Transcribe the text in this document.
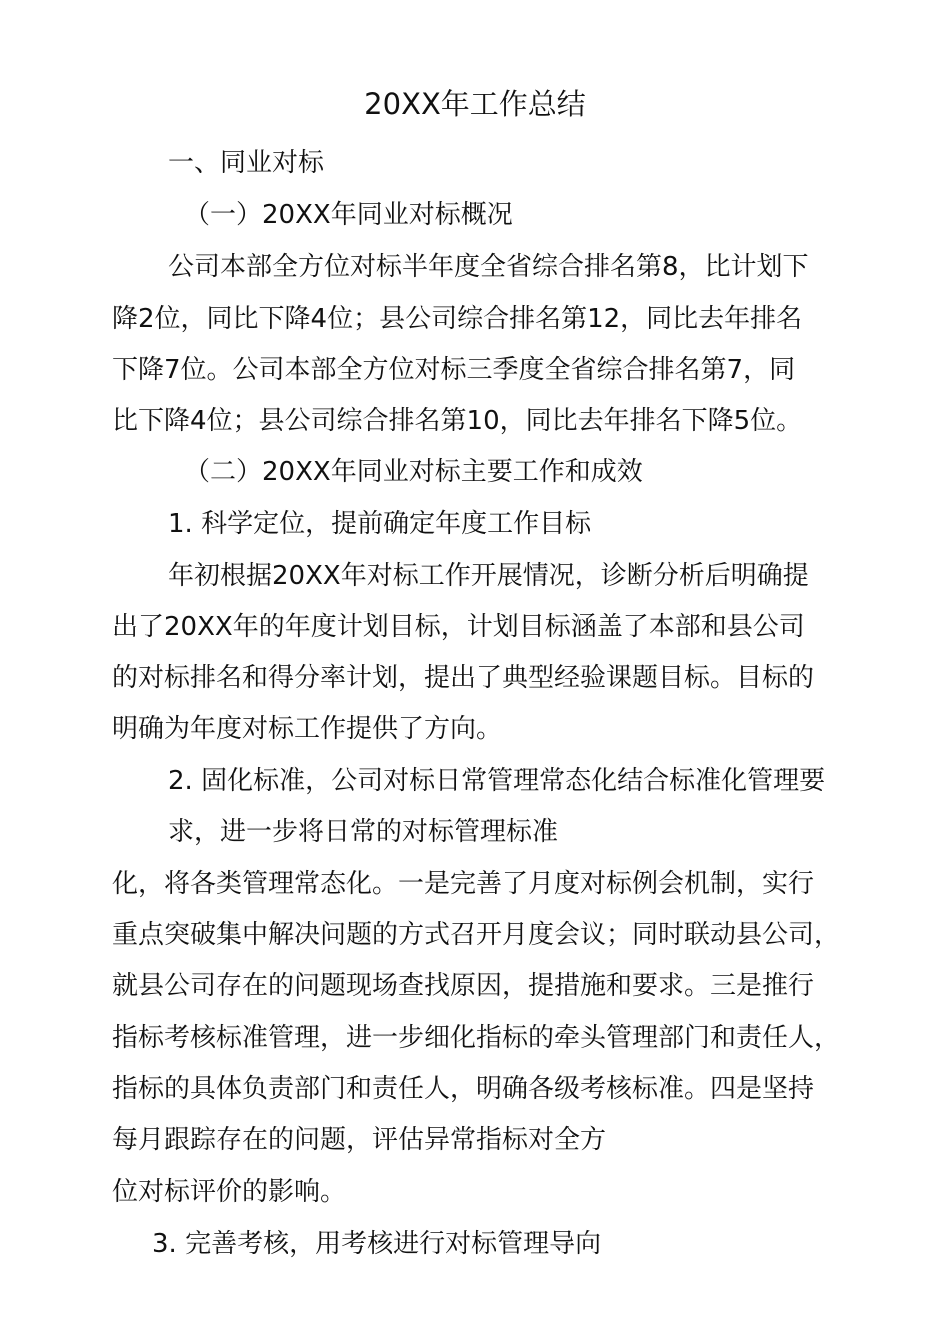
20XX年工作总结
一、同业对标
（一）20XX年同业对标概况
公司本部全方位对标半年度全省综合排名第8，比计划下
降2位，同比下降4位；县公司综合排名第12，同比去年排名
下降7位。公司本部全方位对标三季度全省综合排名第7，同
比下降4位；县公司综合排名第10，同比去年排名下降5位。
（二）20XX年同业对标主要工作和成效
1. 科学定位，提前确定年度工作目标
年初根据20XX年对标工作开展情况，诊断分析后明确提
出了20XX年的年度计划目标，计划目标涵盖了本部和县公司
的对标排名和得分率计划，提出了典型经验课题目标。目标的
明确为年度对标工作提供了方向。
2. 固化标准，公司对标日常管理常态化结合标准化管理要
求，进一步将日常的对标管理标准
化，将各类管理常态化。一是完善了月度对标例会机制，实行
重点突破集中解决问题的方式召开月度会议；同时联动县公司，
就县公司存在的问题现场查找原因，提措施和要求。三是推行
指标考核标准管理，进一步细化指标的牵头管理部门和责任人，
指标的具体负责部门和责任人，明确各级考核标准。四是坚持
每月跟踪存在的问题，评估异常指标对全方
位对标评价的影响。
3. 完善考核，用考核进行对标管理导向
